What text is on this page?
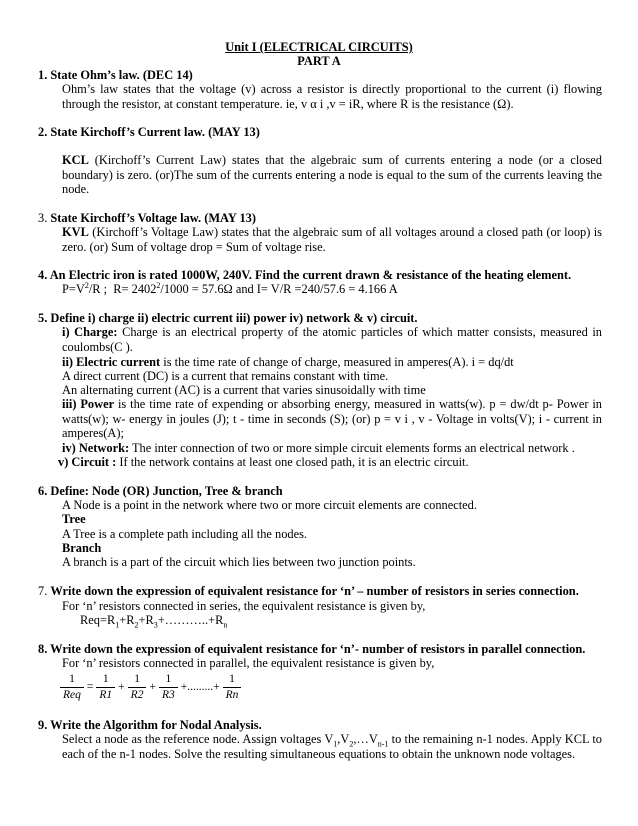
Unit I (ELECTRICAL CIRCUITS)
PART A
1. State Ohm’s law. (DEC 14)
Ohm’s law states that the voltage (v) across a resistor is directly proportional to the current (i) flowing through the resistor, at constant temperature. ie, v α i ,v = iR, where R is the resistance (Ω).
2. State Kirchoff’s Current law. (MAY 13)
KCL (Kirchoff’s Current Law) states that the algebraic sum of currents entering a node (or a closed boundary) is zero. (or)The sum of the currents entering a node is equal to the sum of the currents leaving the node.
3. State Kirchoff’s Voltage law. (MAY 13)
KVL (Kirchoff’s Voltage Law) states that the algebraic sum of all voltages around a closed path (or loop) is zero. (or) Sum of voltage drop = Sum of voltage rise.
4. An Electric iron is rated 1000W, 240V. Find the current drawn & resistance of the heating element.
$P=V^2/R$ ;  $R= 2402^2/1000 = 57.6\Omega$ and I= V/R =240/57.6 = 4.166 A
5. Define i) charge ii) electric current iii) power iv) network & v) circuit.
i) Charge: Charge is an electrical property of the atomic particles of which matter consists, measured in coulombs(C ).
ii) Electric current is the time rate of change of charge, measured in amperes(A). i = dq/dt
A direct current (DC) is a current that remains constant with time.
An alternating current (AC) is a current that varies sinusoidally with time
iii) Power is the time rate of expending or absorbing energy, measured in watts(w). p = dw/dt p- Power in watts(w); w- energy in joules (J); t - time in seconds (S); (or) p = v i , v - Voltage in volts(V); i - current in amperes(A);
iv) Network: The inter connection of two or more simple circuit elements forms an electrical network .
v) Circuit : If the network contains at least one closed path, it is an electric circuit.
6. Define: Node (OR) Junction, Tree & branch
A Node is a point in the network where two or more circuit elements are connected.
Tree
A Tree is a complete path including all the nodes.
Branch
A branch is a part of the circuit which lies between two junction points.
7. Write down the expression of equivalent resistance for ‘n’ – number of resistors in series connection.
For ‘n’ resistors connected in series, the equivalent resistance is given by,
$Req=R_1+R_2+R_3+\dots\dots\dots..+R_n$
8. Write down the expression of equivalent resistance for ‘n’- number of resistors in parallel connection.
For ‘n’ resistors connected in parallel, the equivalent resistance is given by,
1
Req
= $\frac{1}{R1} + \frac{1}{R2} + \frac{1}{R3}$ +.........+ $\frac{1}{Rn}$
9. Write the Algorithm for Nodal Analysis.
Select a node as the reference node. Assign voltages $V_1,V_2,\dots V_{n-1}$ to the remaining n-1 nodes. Apply KCL to each of the n-1 nodes. Solve the resulting simultaneous equations to obtain the unknown node voltages.
